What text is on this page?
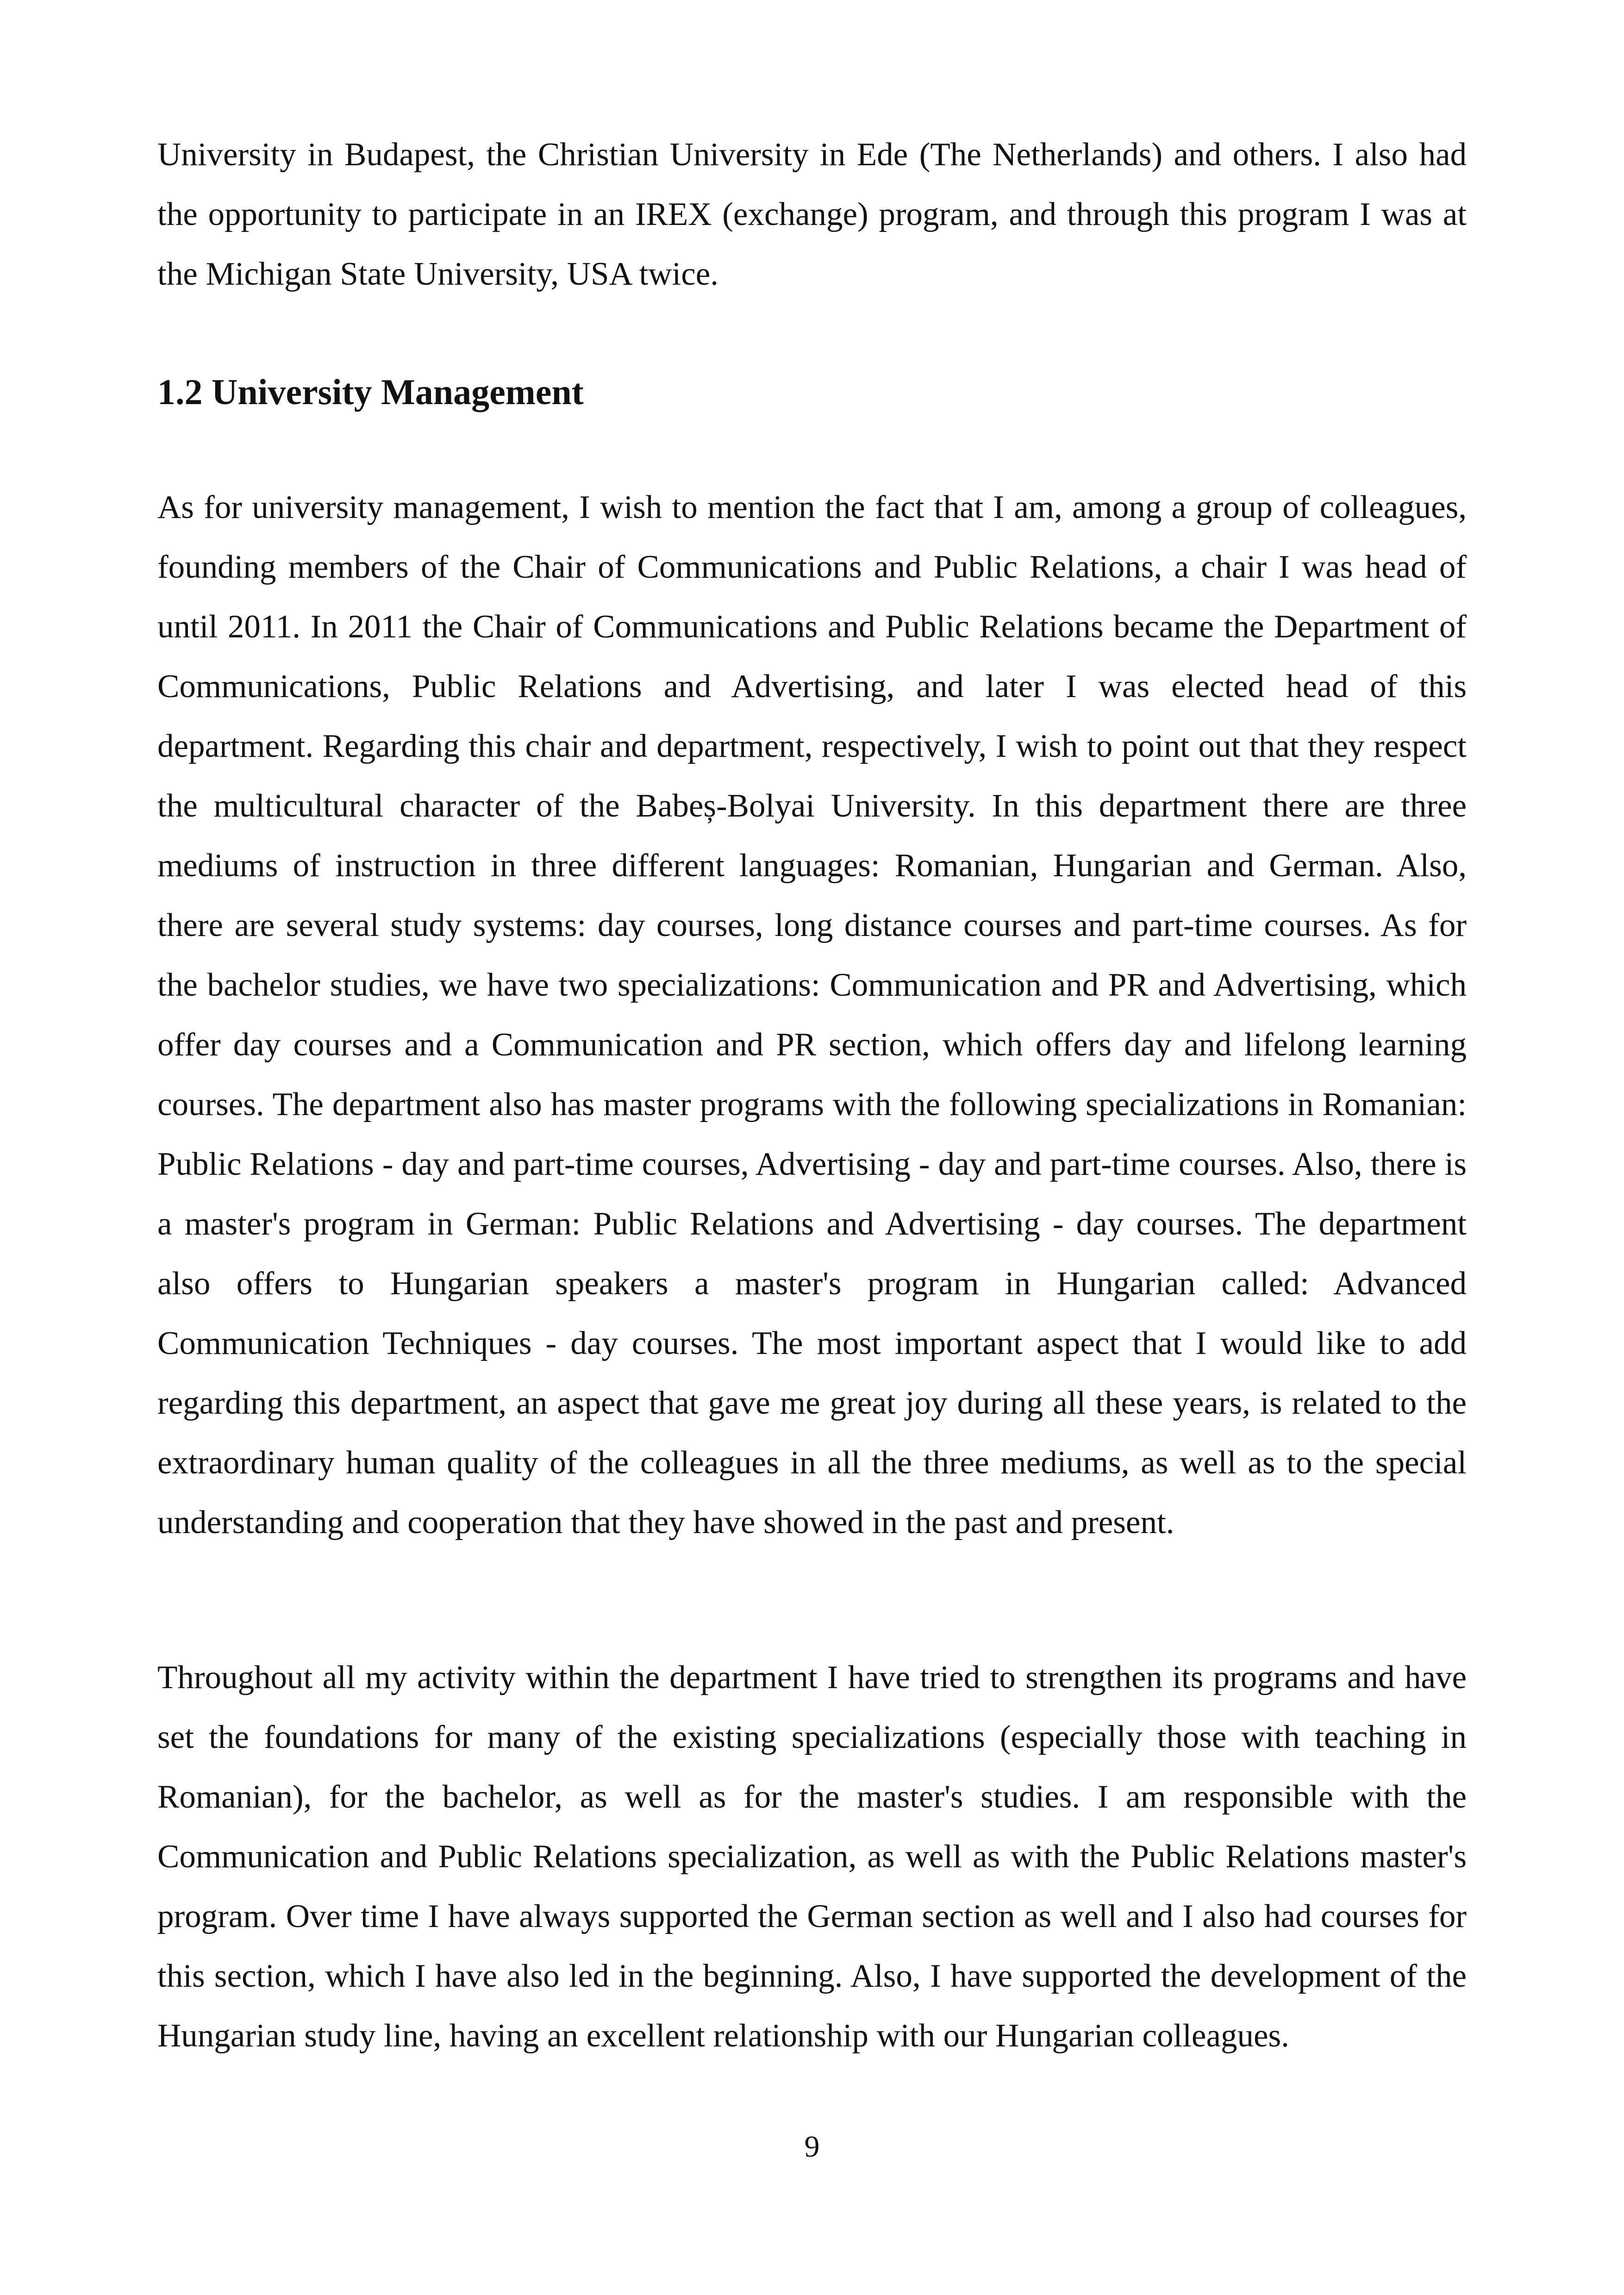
University in Budapest, the Christian University in Ede (The Netherlands) and others. I also had the opportunity to participate in an IREX (exchange) program, and through this program I was at the Michigan State University, USA twice.

1.2 University Management

As for university management, I wish to mention the fact that I am, among a group of colleagues, founding members of the Chair of Communications and Public Relations, a chair I was head of until 2011. In 2011 the Chair of Communications and Public Relations became the Department of Communications, Public Relations and Advertising, and later I was elected head of this department. Regarding this chair and department, respectively, I wish to point out that they respect the multicultural character of the Babeș-Bolyai University. In this department there are three mediums of instruction in three different languages: Romanian, Hungarian and German. Also, there are several study systems: day courses, long distance courses and part-time courses. As for the bachelor studies, we have two specializations: Communication and PR and Advertising, which offer day courses and a Communication and PR section, which offers day and lifelong learning courses. The department also has master programs with the following specializations in Romanian: Public Relations - day and part-time courses, Advertising - day and part-time courses. Also, there is a master's program in German: Public Relations and Advertising - day courses. The department also offers to Hungarian speakers a master's program in Hungarian called: Advanced Communication Techniques - day courses. The most important aspect that I would like to add regarding this department, an aspect that gave me great joy during all these years, is related to the extraordinary human quality of the colleagues in all the three mediums, as well as to the special understanding and cooperation that they have showed in the past and present.

Throughout all my activity within the department I have tried to strengthen its programs and have set the foundations for many of the existing specializations (especially those with teaching in Romanian), for the bachelor, as well as for the master's studies. I am responsible with the Communication and Public Relations specialization, as well as with the Public Relations master's program. Over time I have always supported the German section as well and I also had courses for this section, which I have also led in the beginning. Also, I have supported the development of the Hungarian study line, having an excellent relationship with our Hungarian colleagues.

9
